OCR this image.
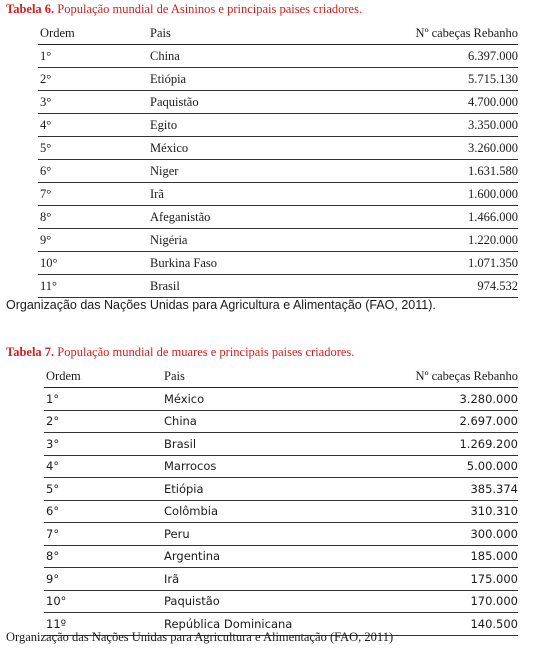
Tabela 6. População mundial de Asininos e principais paises criadores.
Ordem	Pais	Nº cabeças Rebanho
1°	China	6.397.000
2°	Etiópia	5.715.130
3°	Paquistão	4.700.000
4°	Egito	3.350.000
5°	México	3.260.000
6°	Niger	1.631.580
7°	Irã	1.600.000
8°	Afeganistão	1.466.000
9°	Nigéria	1.220.000
10°	Burkina Faso	1.071.350
11°	Brasil	974.532
Organização das Nações Unidas para Agricultura e Alimentação (FAO, 2011).
Tabela 7. População mundial de muares e principais paises criadores.
Ordem	Pais	Nº cabeças Rebanho
1°	México	3.280.000
2°	China	2.697.000
3°	Brasil	1.269.200
4°	Marrocos	5.00.000
5°	Etiópia	385.374
6°	Colômbia	310.310
7°	Peru	300.000
8°	Argentina	185.000
9°	Irã	175.000
10°	Paquistão	170.000
11º	República Dominicana	140.500
Organização das Nações Unidas para Agricultura e Alimentação (FAO, 2011)
